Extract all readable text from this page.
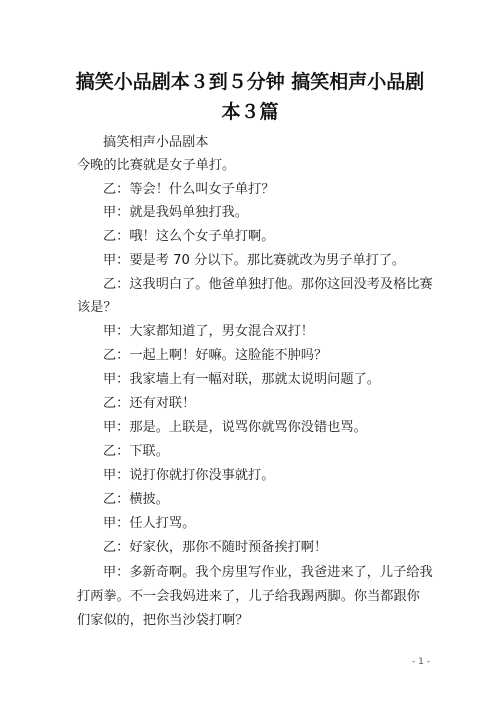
搞笑小品剧本３到５分钟 搞笑相声小品剧
本３篇
搞笑相声小品剧本
今晚的比赛就是女子单打。
乙：等会！什么叫女子单打？
甲：就是我妈单独打我。
乙：哦！这么个女子单打啊。
甲：要是考 70 分以下。那比赛就改为男子单打了。
乙：这我明白了。他爸单独打他。那你这回没考及格比赛
该是？
甲：大家都知道了，男女混合双打！
乙：一起上啊！好嘛。这脸能不肿吗？
甲：我家墙上有一幅对联，那就太说明问题了。
乙：还有对联！
甲：那是。上联是，说骂你就骂你没错也骂。
乙：下联。
甲：说打你就打你没事就打。
乙：横披。
甲：任人打骂。
乙：好家伙，那你不随时预备挨打啊！
甲：多新奇啊。我个房里写作业，我爸进来了，儿子给我
打两拳。不一会我妈进来了，儿子给我踢两脚。你当都跟你
们家似的，把你当沙袋打啊？
- 1 -
